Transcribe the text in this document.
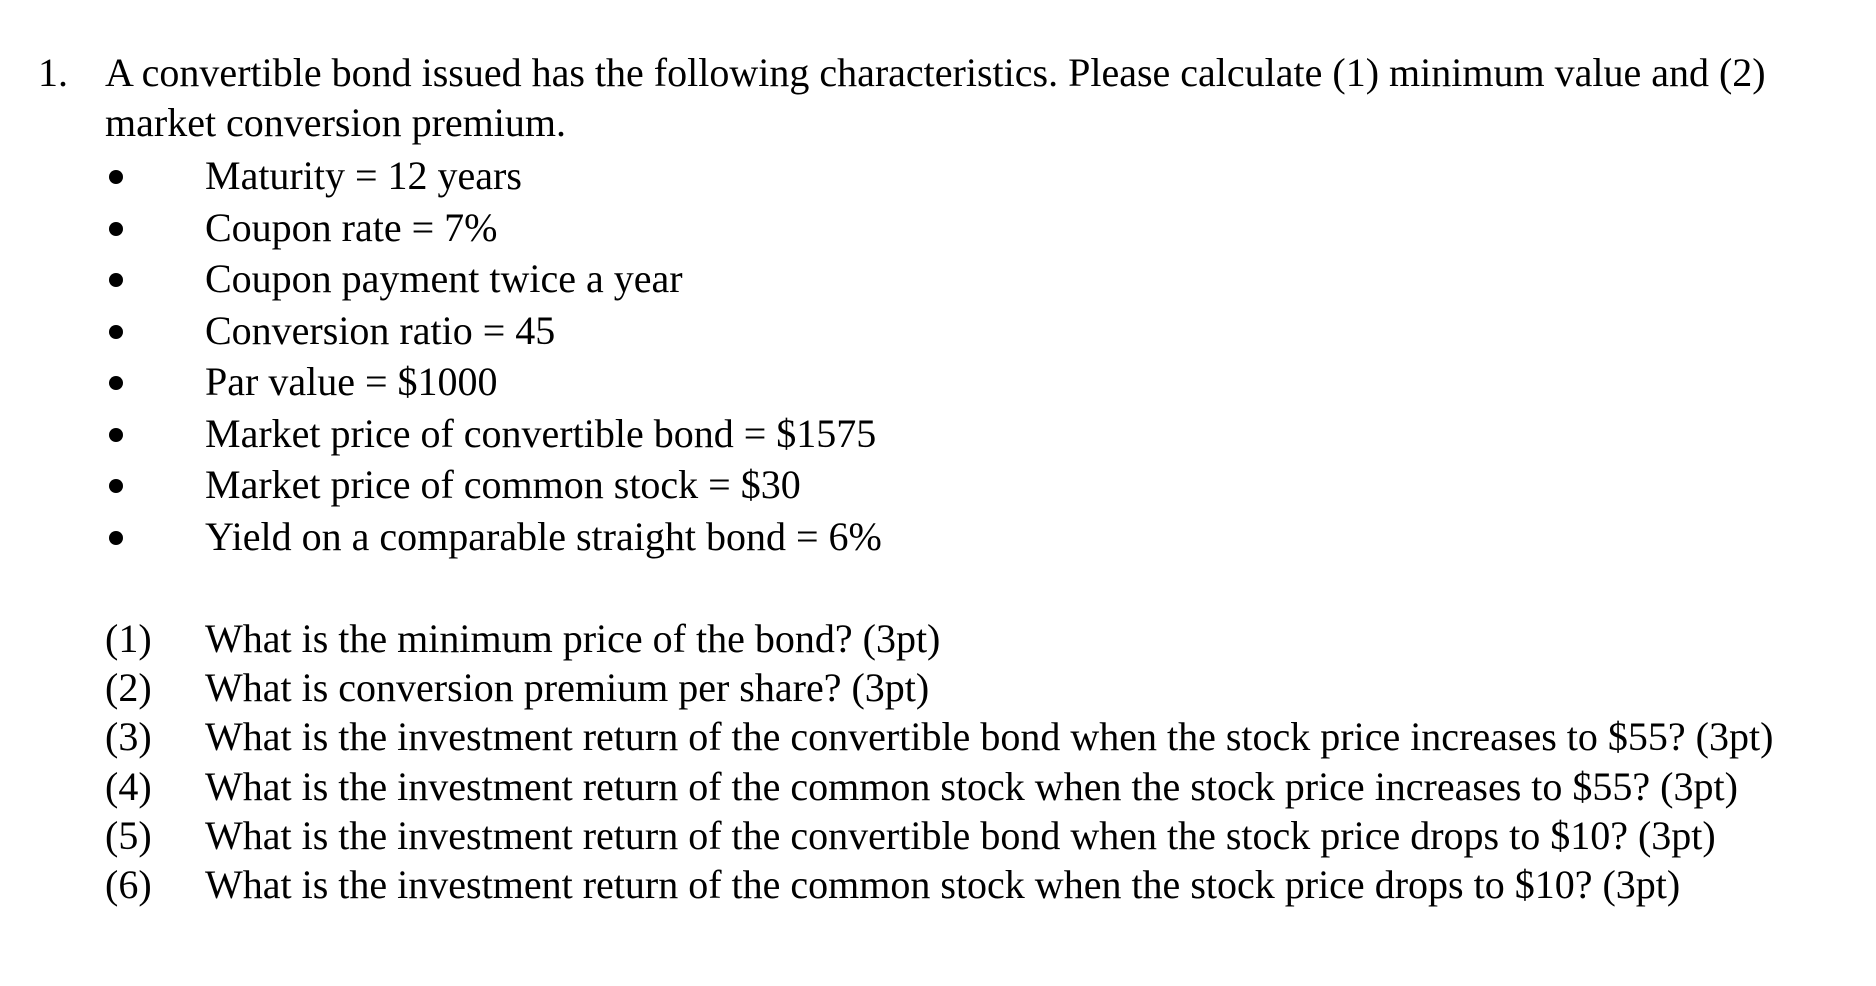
1. A convertible bond issued has the following characteristics. Please calculate (1) minimum value and (2) market conversion premium.
Maturity = 12 years
Coupon rate = 7%
Coupon payment twice a year
Conversion ratio = 45
Par value = $1000
Market price of convertible bond = $1575
Market price of common stock = $30
Yield on a comparable straight bond = 6%
(1) What is the minimum price of the bond? (3pt)
(2) What is conversion premium per share? (3pt)
(3) What is the investment return of the convertible bond when the stock price increases to $55? (3pt)
(4) What is the investment return of the common stock when the stock price increases to $55? (3pt)
(5) What is the investment return of the convertible bond when the stock price drops to $10? (3pt)
(6) What is the investment return of the common stock when the stock price drops to $10? (3pt)
